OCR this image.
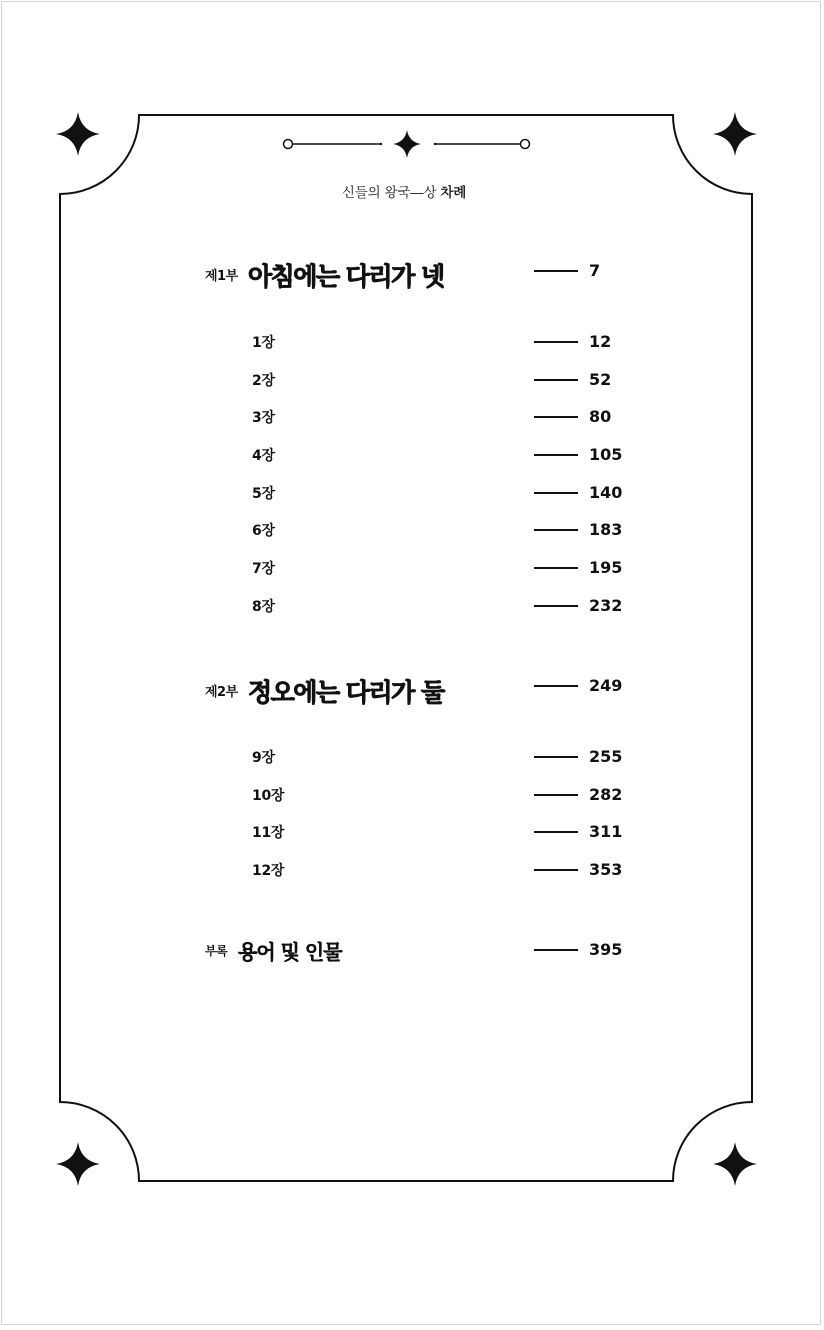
신들의 왕국―상 차례
제1부 아침에는 다리가 넷	7
1장	12
2장	52
3장	80
4장	105
5장	140
6장	183
7장	195
8장	232
제2부 정오에는 다리가 둘	249
9장	255
10장	282
11장	311
12장	353
부록 용어 및 인물	395
